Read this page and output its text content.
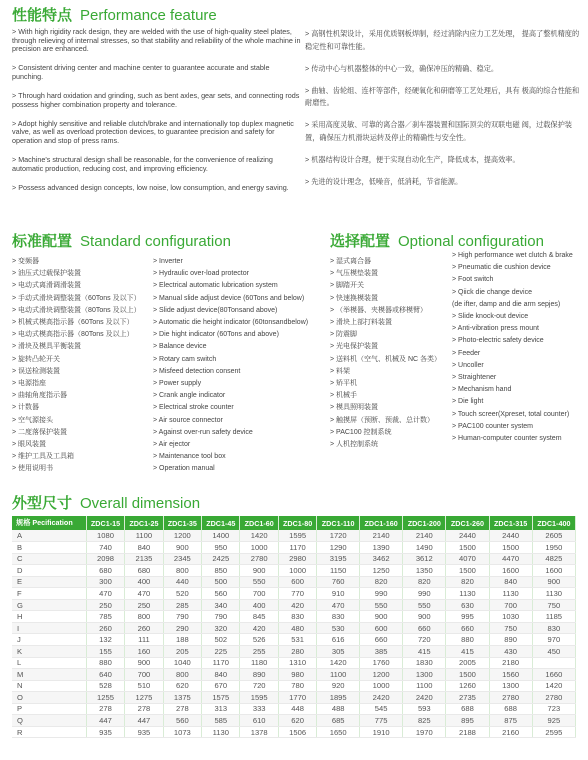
性能特点 Performance feature
> With high rigidity rack design, they are welded with the use of high-quality steel plates, through relieving of internal stresses, so that stability and reliability of the whole machine in precision are enhanced.
> Consistent driving center and machine center to guarantee accurate and stable punching.
> Through hard oxidation and grinding, such as bent axles, gear sets, and connecting rods possess higher combination property and tolerance.
> Adopt highly sensitive and reliable clutch/brake and internationally top duplex magnetic valve, as well as overload protection devices, to guarantee precision and safety for operation and stop of press rams.
> Machine's structural design shall be reasonable, for the convenience of realizing automatic production, reducing cost, and improving efficiency.
> Possess advanced design concepts, low noise, low consumption, and energy saving.
> 高钢性机架设计，采用优质钢板焊制，经过消除内应力工艺处理， 提高了整机精度的稳定性和可靠性能。
> 传动中心与机器整体的中心一致，确保冲压的精确、稳定。
> 曲轴、齿轮组、连杆等部件，经硬氧化和研磨等工艺处理后，具有 极高的综合性能和耐磨性。
> 采用高度灵敏、可靠的离合器／刹车器装置和国际顶尖的双联电磁 阀，过载保护装置，确保压力机滑块运转及停止的精确性与安全性。
> 机器结构设计合理，便于实现自动化生产，降低成本，提高效率。
> 先进的设计理念，低噪音，低消耗，节省能源。
标准配置 Standard configuration
> 变频器
> 油压式过载保护装置
> 电动式离滑调滑装置
> 手动式滑块调整装置（60Tons 及以下）
> 电动式滑块调整装置（80Tons 及以上）
> 机械式模高指示器（60Tons 及以下）
> 电动式模高指示器（80Tons 及以上）
> 滑块及模具平衡装置
> 旋转凸轮开关
> 误送检测装置
> 电源指座
> 曲轴角度指示器
> 计数器
> 空气源接头
> 二度落保护装置
> 眼风装置
> 维护工具及工具箱
> 使用说明书
> Inverter
> Hydraulic over-load protector
> Electrical automatic lubrication system
> Manual slide adjust device (60Tons and below)
> Slide adjust device(80Tonsand above)
> Automatic die height indicator (60tonsandbelow)
> Die hight indicator (60Tons and above)
> Balance device
> Rotary cam switch
> Misfeed detection consent
> Power supply
> Crank angle indicator
> Electrical stroke counter
> Air source connector
> Against over-run safety device
> Air ejector
> Maintenance tool box
> Operation manual
选择配置 Optional configuration
> 湿式离合器
> 气压模垫装置
> 脚踏开关
> 快速换模装置
> （举模器、夹模器或移模臂）
> 滑块上部打料装置
> 防震脚
> 光电保护装置
> 送料机（空气、机械及 NC 各类）
> 料架
> 矫平机
> 机械手
> 模具照明装置
> 触摸屏（预断、预裁、总计数）
> PAC100 控制系统
> 人机控制系统
> High performance wet clutch & brake
> Pneumatic die cushion device
> Foot switch
> Qiick die change device
(de ifter, damp and die arm sepjes)
> Slide knock-out device
> Anti-vibration press mount
> Photo-electric safety device
> Feeder
> Uncoller
> Straightener
> Mechanism hand
> Die light
> Touch screer(Xpreset, total counter)
> PAC100 counter system
> Human-computer counter system
外型尺寸 Overall dimension
规格 Pecification	ZDC1-15	ZDC1-25	ZDC1-35	ZDC1-45	ZDC1-60	ZDC1-80	ZDC1-110	ZDC1-160	ZDC1-200	ZDC1-260	ZDC1-315	ZDC1-400
A	1080	1100	1200	1400	1420	1595	1720	2140	2140	2440	2440	2605
B	740	840	900	950	1000	1170	1290	1390	1490	1500	1500	1950
C	2098	2135	2345	2425	2780	2980	3195	3462	3612	4070	4470	4825
D	680	680	800	850	900	1000	1150	1250	1350	1500	1600	1600
E	300	400	440	500	550	600	760	820	820	820	840	900
F	470	470	520	560	700	770	910	990	990	1130	1130	1130
G	250	250	285	340	400	420	470	550	550	630	700	750
H	785	800	790	790	845	830	830	900	900	995	1030	1185
I	260	260	290	320	420	480	530	600	660	660	750	830
J	132	111	188	502	526	531	616	660	720	880	890	970
K	155	160	205	225	255	280	305	385	415	415	430	450
L	880	900	1040	1170	1180	1310	1420	1760	1830	2005	2180	
M	640	700	800	840	890	980	1100	1200	1300	1500	1560	1660
N	528	510	620	670	720	780	920	1000	1100	1260	1300	1420
O	1255	1275	1375	1575	1595	1770	1895	2420	2420	2735	2780	2780
P	278	278	278	313	333	448	488	545	593	688	688	723
Q	447	447	560	585	610	620	685	775	825	895	875	925
R	935	935	1073	1130	1378	1506	1650	1910	1970	2188	2160	2595
